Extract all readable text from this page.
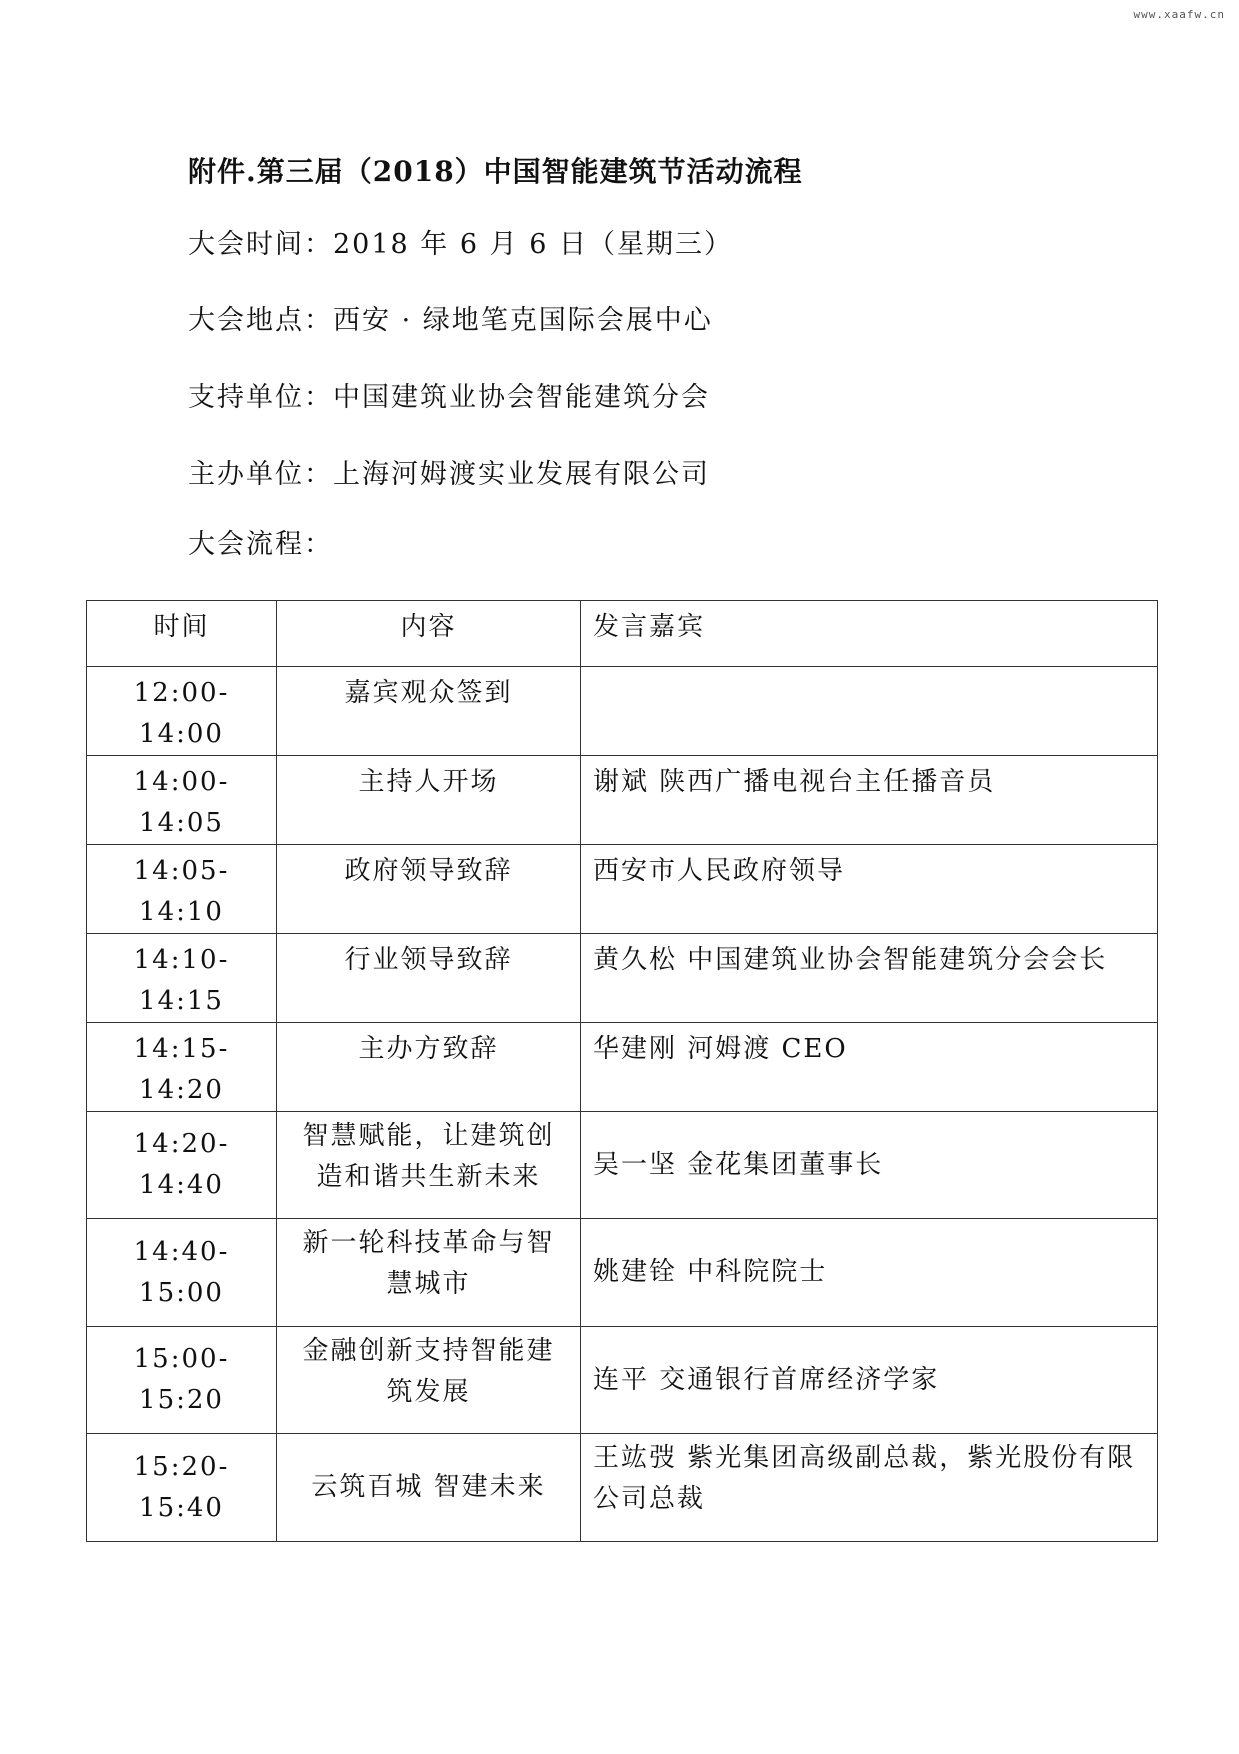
www.xaafw.cn
附件.第三届（2018）中国智能建筑节活动流程
大会时间：2018 年 6 月 6 日（星期三）
大会地点：西安 · 绿地笔克国际会展中心
支持单位：中国建筑业协会智能建筑分会
主办单位：上海河姆渡实业发展有限公司
大会流程：
时间	内容	发言嘉宾
12:00-14:00	嘉宾观众签到	
14:00-14:05	主持人开场	谢斌 陕西广播电视台主任播音员
14:05-14:10	政府领导致辞	西安市人民政府领导
14:10-14:15	行业领导致辞	黄久松 中国建筑业协会智能建筑分会会长
14:15-14:20	主办方致辞	华建刚 河姆渡 CEO
14:20-14:40	智慧赋能，让建筑创造和谐共生新未来	吴一坚 金花集团董事长
14:40-15:00	新一轮科技革命与智慧城市	姚建铨 中科院院士
15:00-15:20	金融创新支持智能建筑发展	连平 交通银行首席经济学家
15:20-15:40	云筑百城 智建未来	王竑弢 紫光集团高级副总裁，紫光股份有限公司总裁
